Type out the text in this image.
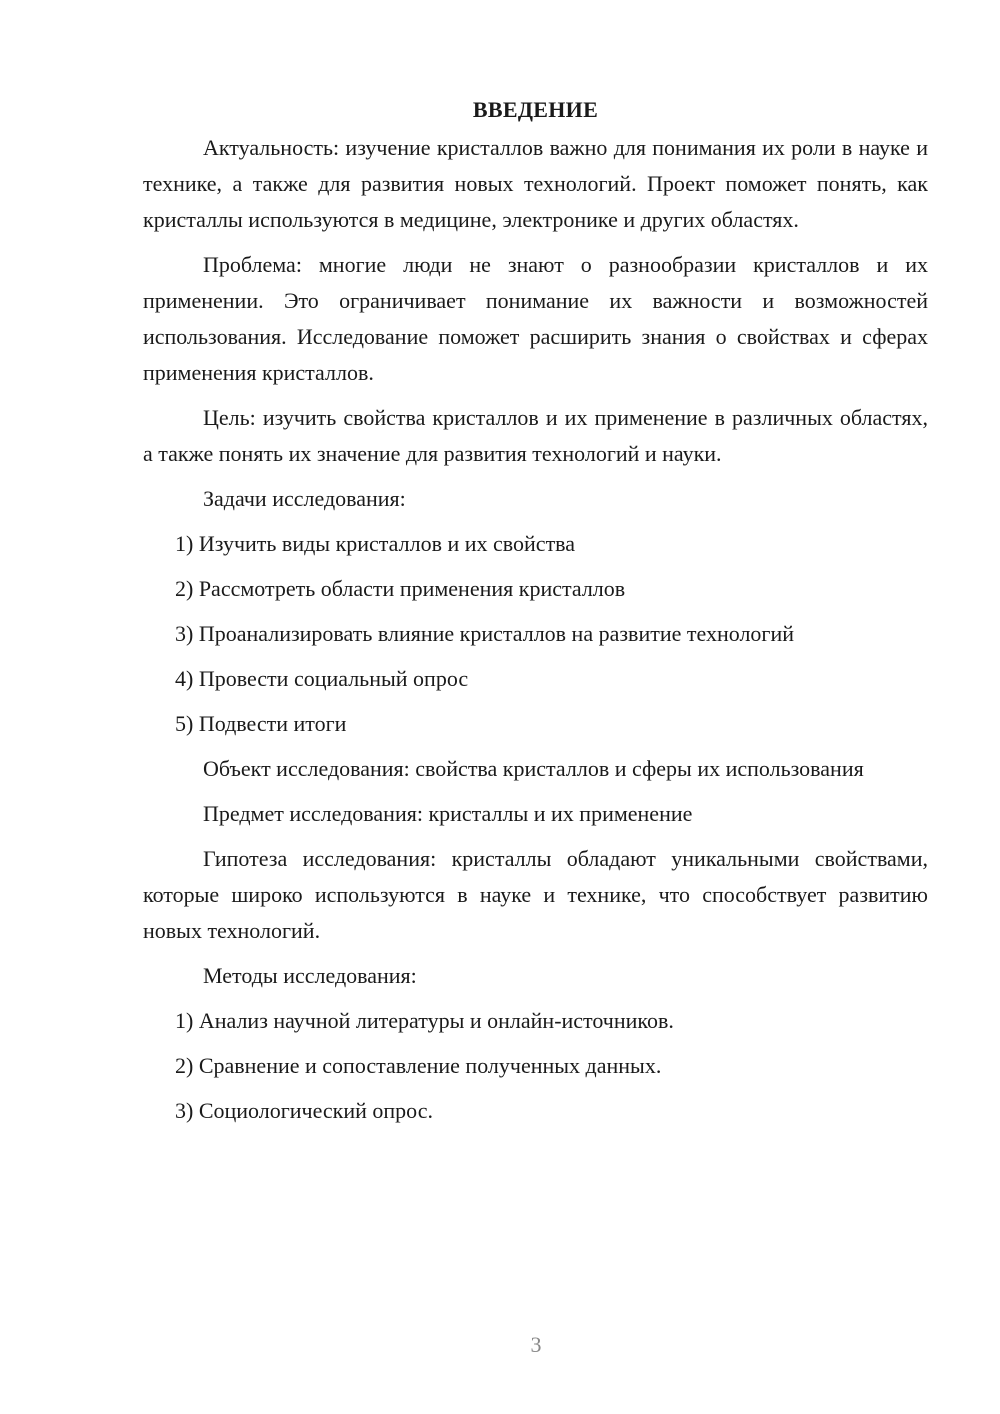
ВВЕДЕНИЕ

Актуальность: изучение кристаллов важно для понимания их роли в науке и технике, а также для развития новых технологий. Проект поможет понять, как кристаллы используются в медицине, электронике и других областях.

Проблема: многие люди не знают о разнообразии кристаллов и их применении. Это ограничивает понимание их важности и возможностей использования. Исследование поможет расширить знания о свойствах и сферах применения кристаллов.

Цель: изучить свойства кристаллов и их применение в различных областях, а также понять их значение для развития технологий и науки.

Задачи исследования:

1) Изучить виды кристаллов и их свойства
2) Рассмотреть области применения кристаллов
3) Проанализировать влияние кристаллов на развитие технологий
4) Провести социальный опрос
5) Подвести итоги

Объект исследования: свойства кристаллов и сферы их использования

Предмет исследования: кристаллы и их применение

Гипотеза исследования: кристаллы обладают уникальными свойствами, которые широко используются в науке и технике, что способствует развитию новых технологий.

Методы исследования:

1) Анализ научной литературы и онлайн-источников.
2) Сравнение и сопоставление полученных данных.
3) Социологический опрос.
3
